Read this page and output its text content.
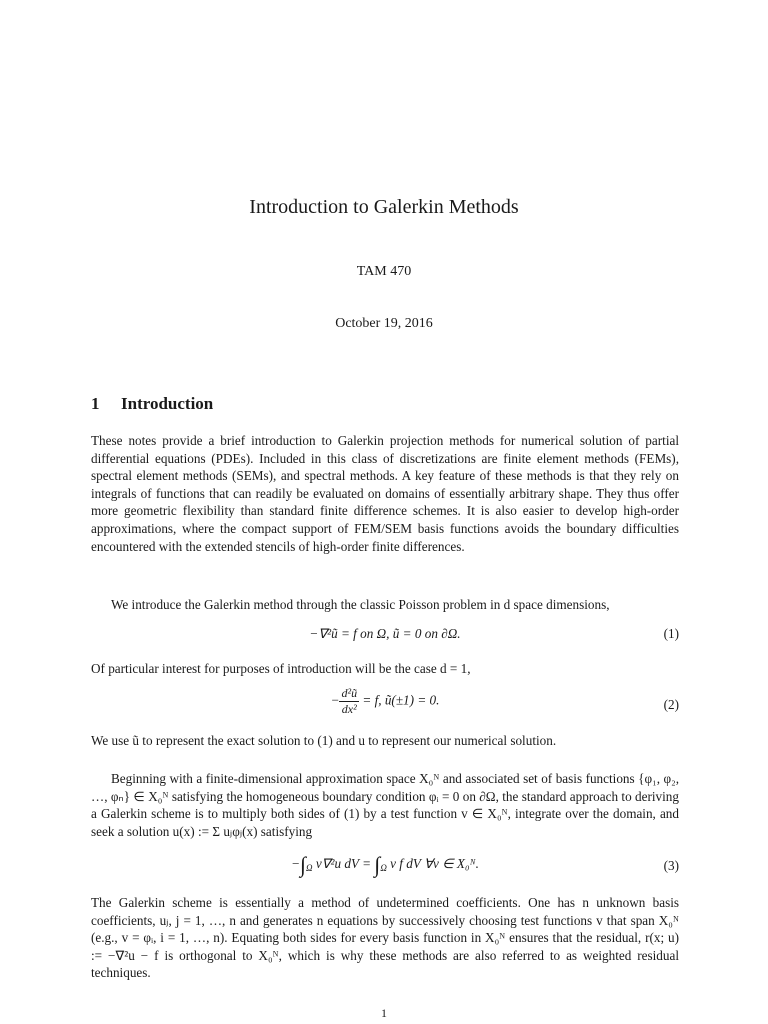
Introduction to Galerkin Methods
TAM 470
October 19, 2016
1 Introduction
These notes provide a brief introduction to Galerkin projection methods for numerical solution of partial differential equations (PDEs). Included in this class of discretizations are finite element methods (FEMs), spectral element methods (SEMs), and spectral methods. A key feature of these methods is that they rely on integrals of functions that can readily be evaluated on domains of essentially arbitrary shape. They thus offer more geometric flexibility than standard finite difference schemes. It is also easier to develop high-order approximations, where the compact support of FEM/SEM basis functions avoids the boundary difficulties encountered with the extended stencils of high-order finite differences.
We introduce the Galerkin method through the classic Poisson problem in d space dimensions,
−∇²ũ = f on Ω, ũ = 0 on ∂Ω.	(1)
Of particular interest for purposes of introduction will be the case d = 1,
− $\frac{\text{d²ũ}}{\text{dx²}} = f$, ũ(±1) = 0.	(2)
We use ũ to represent the exact solution to (1) and u to represent our numerical solution.
Beginning with a finite-dimensional approximation space X₀ᴺ and associated set of basis functions {φ₁, φ₂, …, φₙ} ∈ X₀ᴺ satisfying the homogeneous boundary condition φᵢ = 0 on ∂Ω, the standard approach to deriving a Galerkin scheme is to multiply both sides of (1) by a test function v ∈ X₀ᴺ, integrate over the domain, and seek a solution u(x) := Σ uⱼφⱼ(x) satisfying
$-\int_\Omega$ v∇²u dV = $\int_\Omega$ v f dV ∀v ∈ X₀ᴺ.	(3)
The Galerkin scheme is essentially a method of undetermined coefficients. One has n unknown basis coefficients, uⱼ, j = 1, …, n and generates n equations by successively choosing test functions v that span X₀ᴺ (e.g., v = φᵢ, i = 1, …, n). Equating both sides for every basis function in X₀ᴺ ensures that the residual, r(x; u) := −∇²u − f is orthogonal to X₀ᴺ, which is why these methods are also referred to as weighted residual techniques.
1
